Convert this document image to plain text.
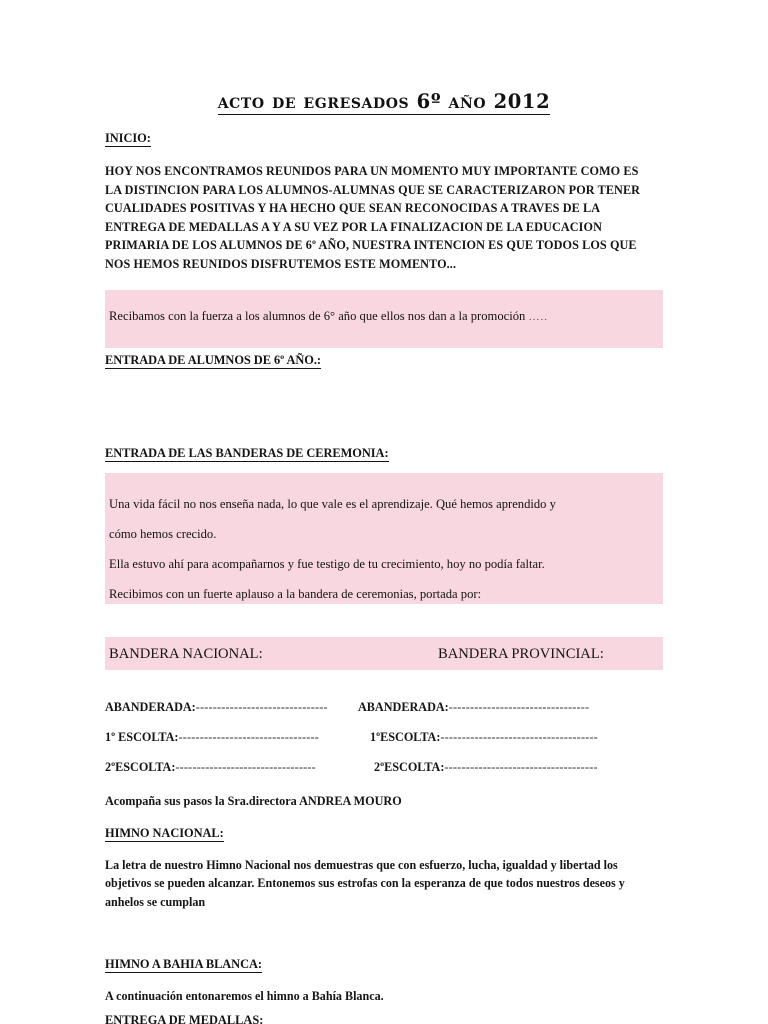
acto de egresados 6º año 2012
INICIO:
HOY NOS ENCONTRAMOS REUNIDOS PARA UN MOMENTO MUY IMPORTANTE COMO ES LA DISTINCION PARA LOS ALUMNOS-ALUMNAS QUE SE CARACTERIZARON POR TENER CUALIDADES POSITIVAS Y HA HECHO QUE SEAN RECONOCIDAS A TRAVES DE LA ENTREGA DE MEDALLAS A Y A SU VEZ POR LA FINALIZACION DE LA EDUCACION PRIMARIA DE LOS ALUMNOS DE 6º AÑO, NUESTRA INTENCION ES QUE TODOS LOS QUE NOS HEMOS REUNIDOS DISFRUTEMOS ESTE MOMENTO...
Recibamos con la fuerza a los alumnos de 6° año que ellos nos dan a la promoción …..
ENTRADA DE ALUMNOS DE 6º AÑO.:
ENTRADA DE LAS BANDERAS DE CEREMONIA:
Una vida fácil no nos enseña nada, lo que vale es el aprendizaje. Qué hemos aprendido y
cómo hemos crecido.
Ella estuvo ahí para acompañarnos y fue testigo de tu crecimiento, hoy no podía faltar.
Recibimos con un fuerte aplauso a la bandera de ceremonias, portada por:
BANDERA NACIONAL:	BANDERA PROVINCIAL:
ABANDERADA:------------------------------- ABANDERADA:---------------------------------
1º ESCOLTA:---------------------------------	1ºESCOLTA:-------------------------------------
2ºESCOLTA:---------------------------------	2ºESCOLTA:------------------------------------
Acompaña sus pasos la Sra.directora ANDREA MOURO
HIMNO NACIONAL:
La letra de nuestro Himno Nacional nos demuestras que con esfuerzo, lucha, igualdad y libertad los objetivos se pueden alcanzar. Entonemos sus estrofas con la esperanza de que todos nuestros deseos y anhelos se cumplan
HIMNO A BAHIA BLANCA:
A continuación entonaremos el himno a Bahía Blanca.
ENTREGA DE MEDALLAS:
